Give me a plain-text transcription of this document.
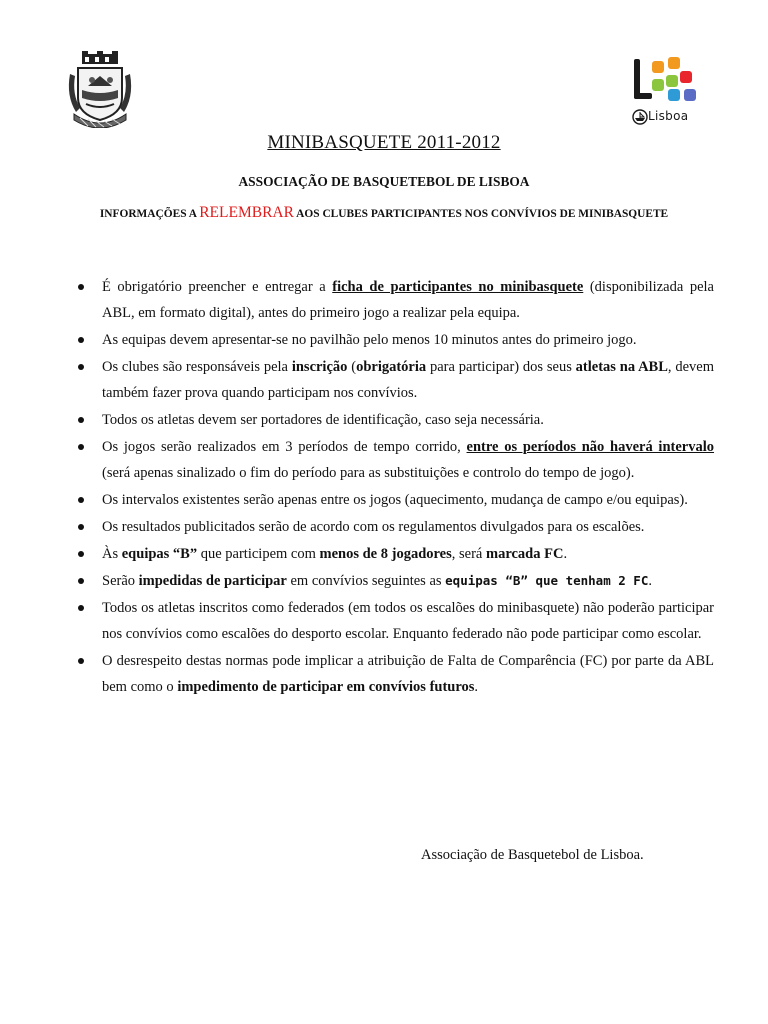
Lisboa
MINIBASQUETE 2011-2012
ASSOCIAÇÃO DE BASQUETEBOL DE LISBOA
INFORMAÇÕES A RELEMBRAR AOS CLUBES PARTICIPANTES NOS CONVÍVIOS DE MINIBASQUETE
É obrigatório preencher e entregar a ficha de participantes no minibasquete (disponibilizada pela ABL, em formato digital), antes do primeiro jogo a realizar pela equipa.
As equipas devem apresentar-se no pavilhão pelo menos 10 minutos antes do primeiro jogo.
Os clubes são responsáveis pela inscrição (obrigatória para participar) dos seus atletas na ABL, devem também fazer prova quando participam nos convívios.
Todos os atletas devem ser portadores de identificação, caso seja necessária.
Os jogos serão realizados em 3 períodos de tempo corrido, entre os períodos não haverá intervalo (será apenas sinalizado o fim do período para as substituições e controlo do tempo de jogo).
Os intervalos existentes serão apenas entre os jogos (aquecimento, mudança de campo e/ou equipas).
Os resultados publicitados serão de acordo com os regulamentos divulgados para os escalões.
Às equipas “B” que participem com menos de 8 jogadores, será marcada FC.
Serão impedidas de participar em convívios seguintes as equipas “B” que tenham 2 FC.
Todos os atletas inscritos como federados (em todos os escalões do minibasquete) não poderão participar nos convívios como escalões do desporto escolar. Enquanto federado não pode participar como escolar.
O desrespeito destas normas pode implicar a atribuição de Falta de Comparência (FC) por parte da ABL bem como o impedimento de participar em convívios futuros.
Associação de Basquetebol de Lisboa.
